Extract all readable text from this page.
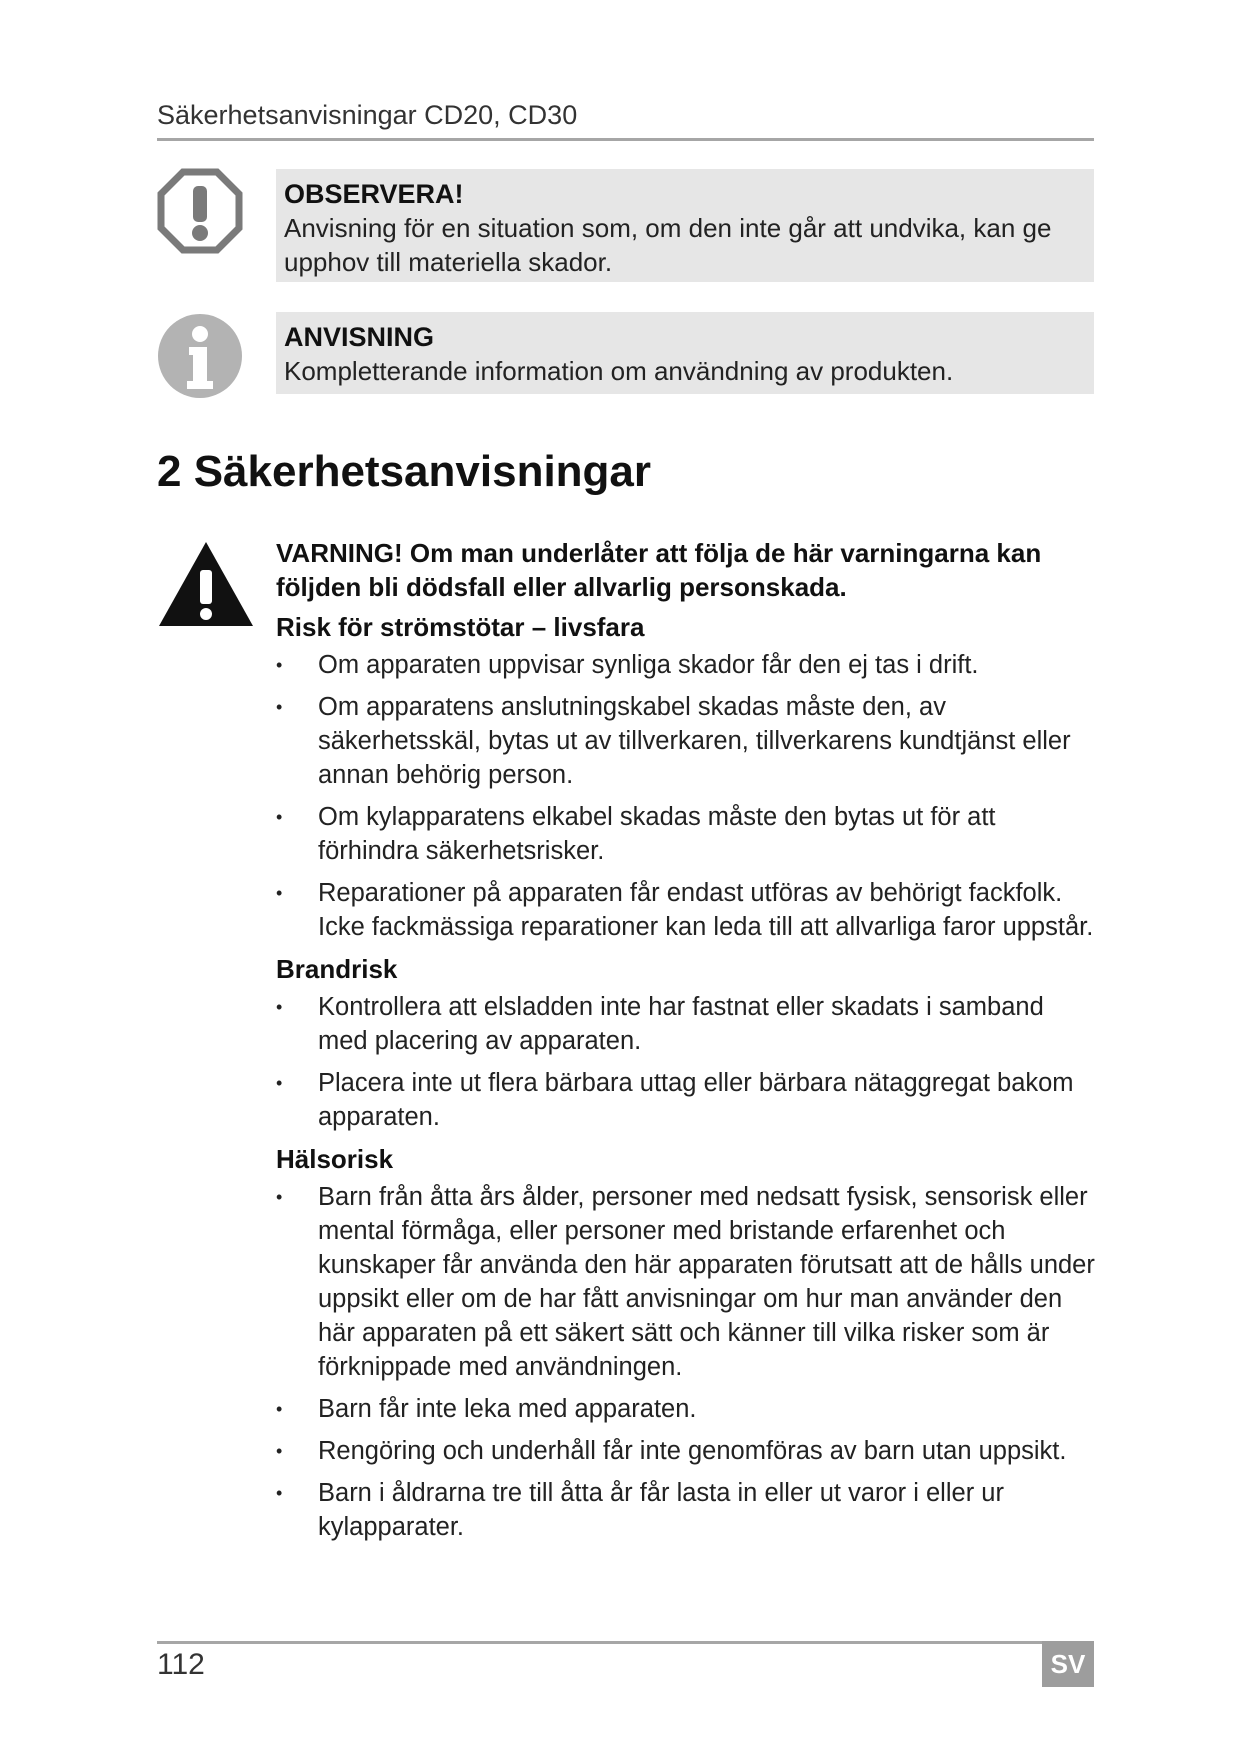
Säkerhetsanvisningar CD20, CD30
OBSERVERA!
Anvisning för en situation som, om den inte går att undvika, kan ge upphov till materiella skador.
ANVISNING
Kompletterande information om användning av produkten.
2 Säkerhetsanvisningar
VARNING! Om man underlåter att följa de här varningarna kan följden bli dödsfall eller allvarlig personskada.
Risk för strömstötar – livsfara
• Om apparaten uppvisar synliga skador får den ej tas i drift.
• Om apparatens anslutningskabel skadas måste den, av säkerhetsskäl, bytas ut av tillverkaren, tillverkarens kundtjänst eller annan behörig person.
• Om kylapparatens elkabel skadas måste den bytas ut för att förhindra säkerhetsrisker.
• Reparationer på apparaten får endast utföras av behörigt fackfolk. Icke fackmässiga reparationer kan leda till att allvarliga faror uppstår.
Brandrisk
• Kontrollera att elsladden inte har fastnat eller skadats i samband med placering av apparaten.
• Placera inte ut flera bärbara uttag eller bärbara nätaggregat bakom apparaten.
Hälsorisk
• Barn från åtta års ålder, personer med nedsatt fysisk, sensorisk eller mental förmåga, eller personer med bristande erfarenhet och kunskaper får använda den här apparaten förutsatt att de hålls under uppsikt eller om de har fått anvisningar om hur man använder den här apparaten på ett säkert sätt och känner till vilka risker som är förknippade med användningen.
• Barn får inte leka med apparaten.
• Rengöring och underhåll får inte genomföras av barn utan uppsikt.
• Barn i åldrarna tre till åtta år får lasta in eller ut varor i eller ur kylapparater.
112	SV
